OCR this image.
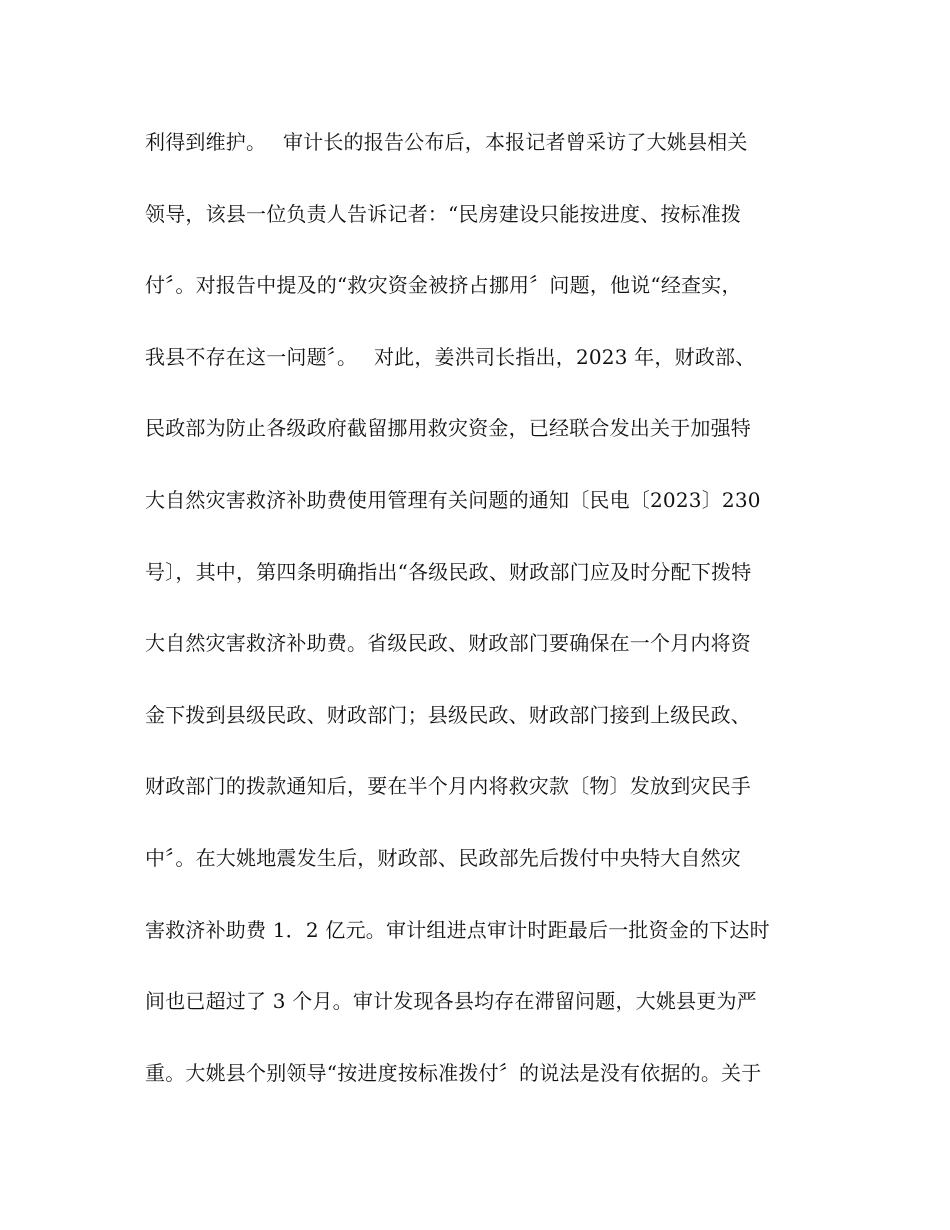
利得到维护。　 审计长的报告公布后，本报记者曾采访了大姚县相关
领导，该县一位负责人告诉记者：“民房建设只能按进度、按标准拨
付〞。对报告中提及的“救灾资金被挤占挪用〞问题，他说“经查实，
我县不存在这一问题〞。　 对此，姜洪司长指出，2023 年，财政部、
民政部为防止各级政府截留挪用救灾资金，已经联合发出关于加强特
大自然灾害救济补助费使用管理有关问题的通知〔民电〔2023〕230
号〕，其中，第四条明确指出“各级民政、财政部门应及时分配下拨特
大自然灾害救济补助费。省级民政、财政部门要确保在一个月内将资
金下拨到县级民政、财政部门；县级民政、财政部门接到上级民政、
财政部门的拨款通知后，要在半个月内将救灾款〔物〕发放到灾民手
中〞。在大姚地震发生后，财政部、民政部先后拨付中央特大自然灾
害救济补助费 1．2 亿元。审计组进点审计时距最后一批资金的下达时
间也已超过了 3 个月。审计发现各县均存在滞留问题，大姚县更为严
重。大姚县个别领导“按进度按标准拨付〞的说法是没有依据的。关于
